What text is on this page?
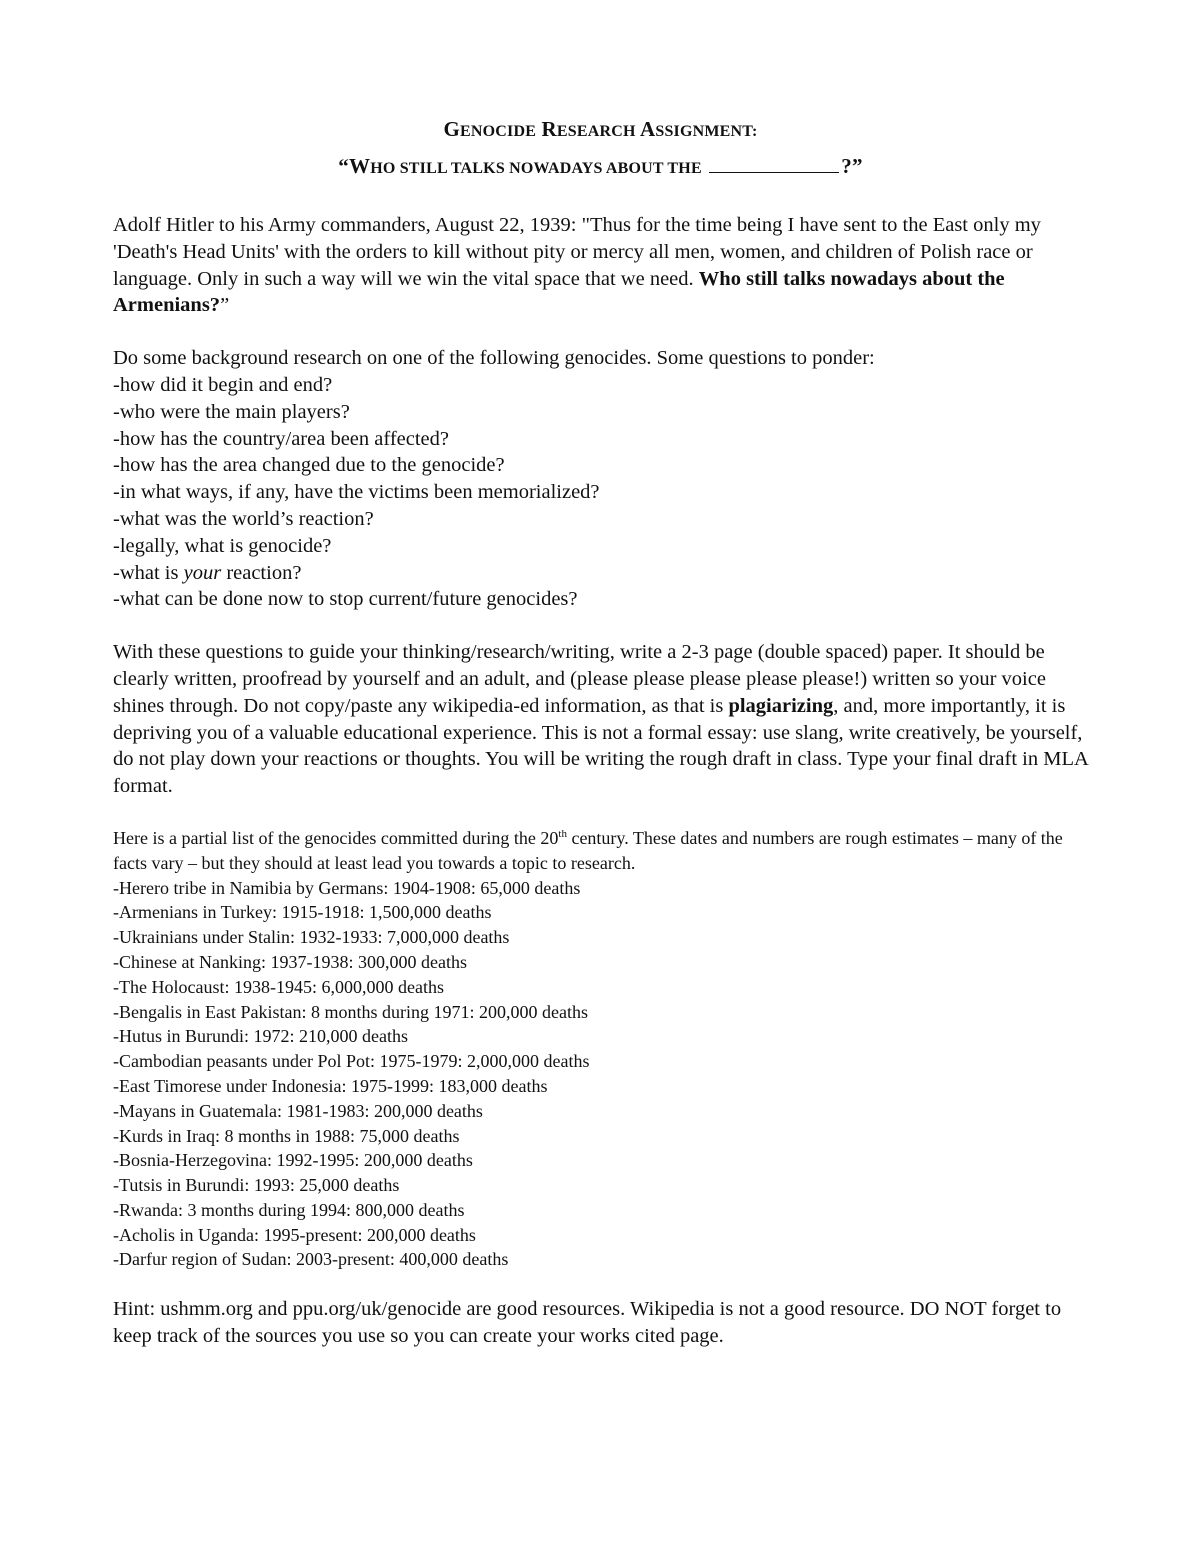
GENOCIDE RESEARCH ASSIGNMENT:
“WHO STILL TALKS NOWADAYS ABOUT THE	?”

Adolf Hitler to his Army commanders, August 22, 1939: "Thus for the time being I have sent to the East only my 'Death's Head Units' with the orders to kill without pity or mercy all men, women, and children of Polish race or language. Only in such a way will we win the vital space that we need. Who still talks nowadays about the Armenians?”

Do some background research on one of the following genocides. Some questions to ponder:

-how did it begin and end?
-who were the main players?
-how has the country/area been affected?
-how has the area changed due to the genocide?
-in what ways, if any, have the victims been memorialized?
-what was the world’s reaction?
-legally, what is genocide?
-what is your reaction?
-what can be done now to stop current/future genocides?

With these questions to guide your thinking/research/writing, write a 2-3 page (double spaced) paper. It should be clearly written, proofread by yourself and an adult, and (please please please please please!) written so your voice shines through. Do not copy/paste any wikipedia-ed information, as that is plagiarizing, and, more importantly, it is depriving you of a valuable educational experience. This is not a formal essay: use slang, write creatively, be yourself, do not play down your reactions or thoughts. You will be writing the rough draft in class. Type your final draft in MLA format.

Here is a partial list of the genocides committed during the 20th century. These dates and numbers are rough estimates – many of the facts vary – but they should at least lead you towards a topic to research.

-Herero tribe in Namibia by Germans: 1904-1908: 65,000 deaths
-Armenians in Turkey: 1915-1918: 1,500,000 deaths
-Ukrainians under Stalin: 1932-1933: 7,000,000 deaths
-Chinese at Nanking: 1937-1938: 300,000 deaths
-The Holocaust: 1938-1945: 6,000,000 deaths
-Bengalis in East Pakistan: 8 months during 1971: 200,000 deaths
-Hutus in Burundi: 1972: 210,000 deaths
-Cambodian peasants under Pol Pot: 1975-1979: 2,000,000 deaths
-East Timorese under Indonesia: 1975-1999: 183,000 deaths
-Mayans in Guatemala: 1981-1983: 200,000 deaths
-Kurds in Iraq: 8 months in 1988: 75,000 deaths
-Bosnia-Herzegovina: 1992-1995: 200,000 deaths
-Tutsis in Burundi: 1993: 25,000 deaths
-Rwanda: 3 months during 1994: 800,000 deaths
-Acholis in Uganda: 1995-present: 200,000 deaths
-Darfur region of Sudan: 2003-present: 400,000 deaths

Hint: ushmm.org and ppu.org/uk/genocide are good resources. Wikipedia is not a good resource. DO NOT forget to keep track of the sources you use so you can create your works cited page.
